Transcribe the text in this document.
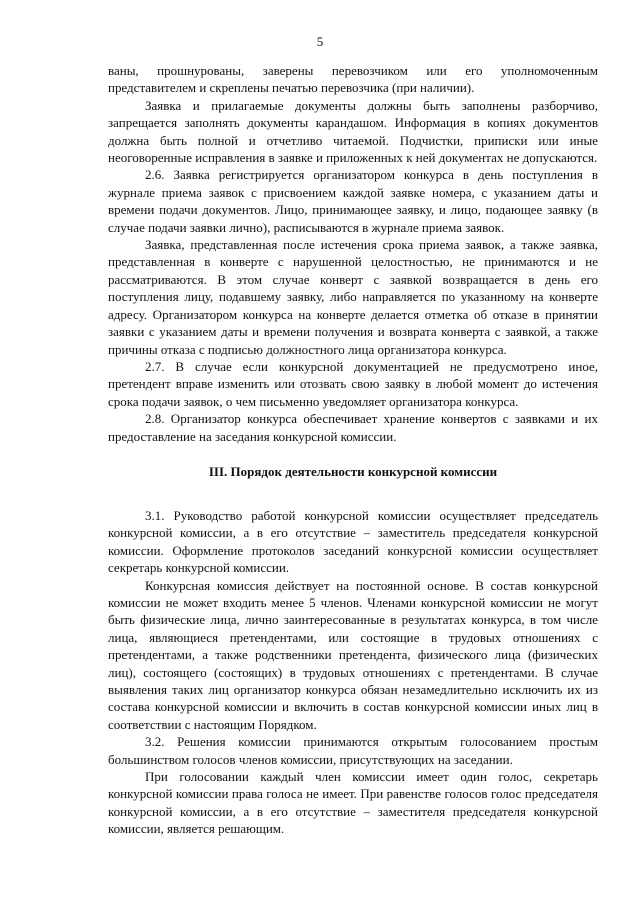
5

ваны, прошнурованы, заверены перевозчиком или его уполномоченным представителем и скреплены печатью перевозчика (при наличии).

Заявка и прилагаемые документы должны быть заполнены разборчиво, запрещается заполнять документы карандашом. Информация в копиях документов должна быть полной и отчетливо читаемой. Подчистки, приписки или иные неоговоренные исправления в заявке и приложенных к ней документах не допускаются.

2.6. Заявка регистрируется организатором конкурса в день поступления в журнале приема заявок с присвоением каждой заявке номера, с указанием даты и времени подачи документов. Лицо, принимающее заявку, и лицо, подающее заявку (в случае подачи заявки лично), расписываются в журнале приема заявок.

Заявка, представленная после истечения срока приема заявок, а также заявка, представленная в конверте с нарушенной целостностью, не принимаются и не рассматриваются. В этом случае конверт с заявкой возвращается в день его поступления лицу, подавшему заявку, либо направляется по указанному на конверте адресу. Организатором конкурса на конверте делается отметка об отказе в принятии заявки с указанием даты и времени получения и возврата конверта с заявкой, а также причины отказа с подписью должностного лица организатора конкурса.

2.7. В случае если конкурсной документацией не предусмотрено иное, претендент вправе изменить или отозвать свою заявку в любой момент до истечения срока подачи заявок, о чем письменно уведомляет организатора конкурса.

2.8. Организатор конкурса обеспечивает хранение конвертов с заявками и их предоставление на заседания конкурсной комиссии.

III. Порядок деятельности конкурсной комиссии

3.1. Руководство работой конкурсной комиссии осуществляет председатель конкурсной комиссии, а в его отсутствие – заместитель председателя конкурсной комиссии. Оформление протоколов заседаний конкурсной комиссии осуществляет секретарь конкурсной комиссии.

Конкурсная комиссия действует на постоянной основе. В состав конкурсной комиссии не может входить менее 5 членов. Членами конкурсной комиссии не могут быть физические лица, лично заинтересованные в результатах конкурса, в том числе лица, являющиеся претендентами, или состоящие в трудовых отношениях с претендентами, а также родственники претендента, физического лица (физических лиц), состоящего (состоящих) в трудовых отношениях с претендентами. В случае выявления таких лиц организатор конкурса обязан незамедлительно исключить их из состава конкурсной комиссии и включить в состав конкурсной комиссии иных лиц в соответствии с настоящим Порядком.

3.2. Решения комиссии принимаются открытым голосованием простым большинством голосов членов комиссии, присутствующих на заседании.

При голосовании каждый член комиссии имеет один голос, секретарь конкурсной комиссии права голоса не имеет. При равенстве голосов голос председателя конкурсной комиссии, а в его отсутствие – заместителя председателя конкурсной комиссии, является решающим.
